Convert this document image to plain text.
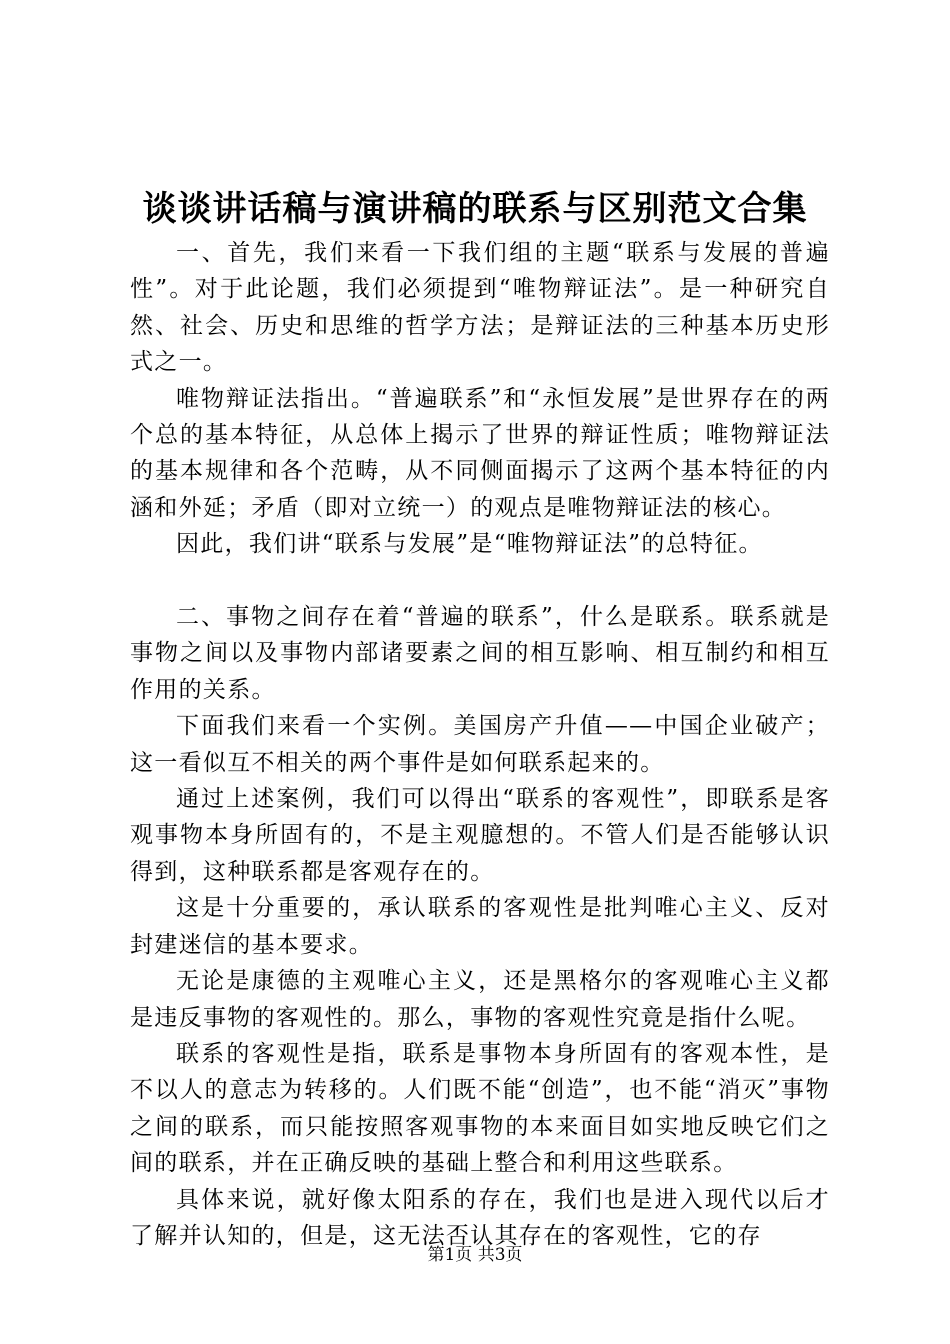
谈谈讲话稿与演讲稿的联系与区别范文合集

一、首先，我们来看一下我们组的主题“联系与发展的普遍性”。对于此论题，我们必须提到“唯物辩证法”。是一种研究自然、社会、历史和思维的哲学方法；是辩证法的三种基本历史形式之一。

唯物辩证法指出。“普遍联系”和“永恒发展”是世界存在的两个总的基本特征，从总体上揭示了世界的辩证性质；唯物辩证法的基本规律和各个范畴，从不同侧面揭示了这两个基本特征的内涵和外延；矛盾（即对立统一）的观点是唯物辩证法的核心。

因此，我们讲“联系与发展”是“唯物辩证法”的总特征。

二、事物之间存在着“普遍的联系”，什么是联系。联系就是事物之间以及事物内部诸要素之间的相互影响、相互制约和相互作用的关系。

下面我们来看一个实例。美国房产升值——中国企业破产；这一看似互不相关的两个事件是如何联系起来的。

通过上述案例，我们可以得出“联系的客观性”，即联系是客观事物本身所固有的，不是主观臆想的。不管人们是否能够认识得到，这种联系都是客观存在的。

这是十分重要的，承认联系的客观性是批判唯心主义、反对封建迷信的基本要求。

无论是康德的主观唯心主义，还是黑格尔的客观唯心主义都是违反事物的客观性的。那么，事物的客观性究竟是指什么呢。

联系的客观性是指，联系是事物本身所固有的客观本性，是不以人的意志为转移的。人们既不能“创造”，也不能“消灭”事物之间的联系，而只能按照客观事物的本来面目如实地反映它们之间的联系，并在正确反映的基础上整合和利用这些联系。

具体来说，就好像太阳系的存在，我们也是进入现代以后才了解并认知的，但是，这无法否认其存在的客观性，它的存

第1页 共3页
